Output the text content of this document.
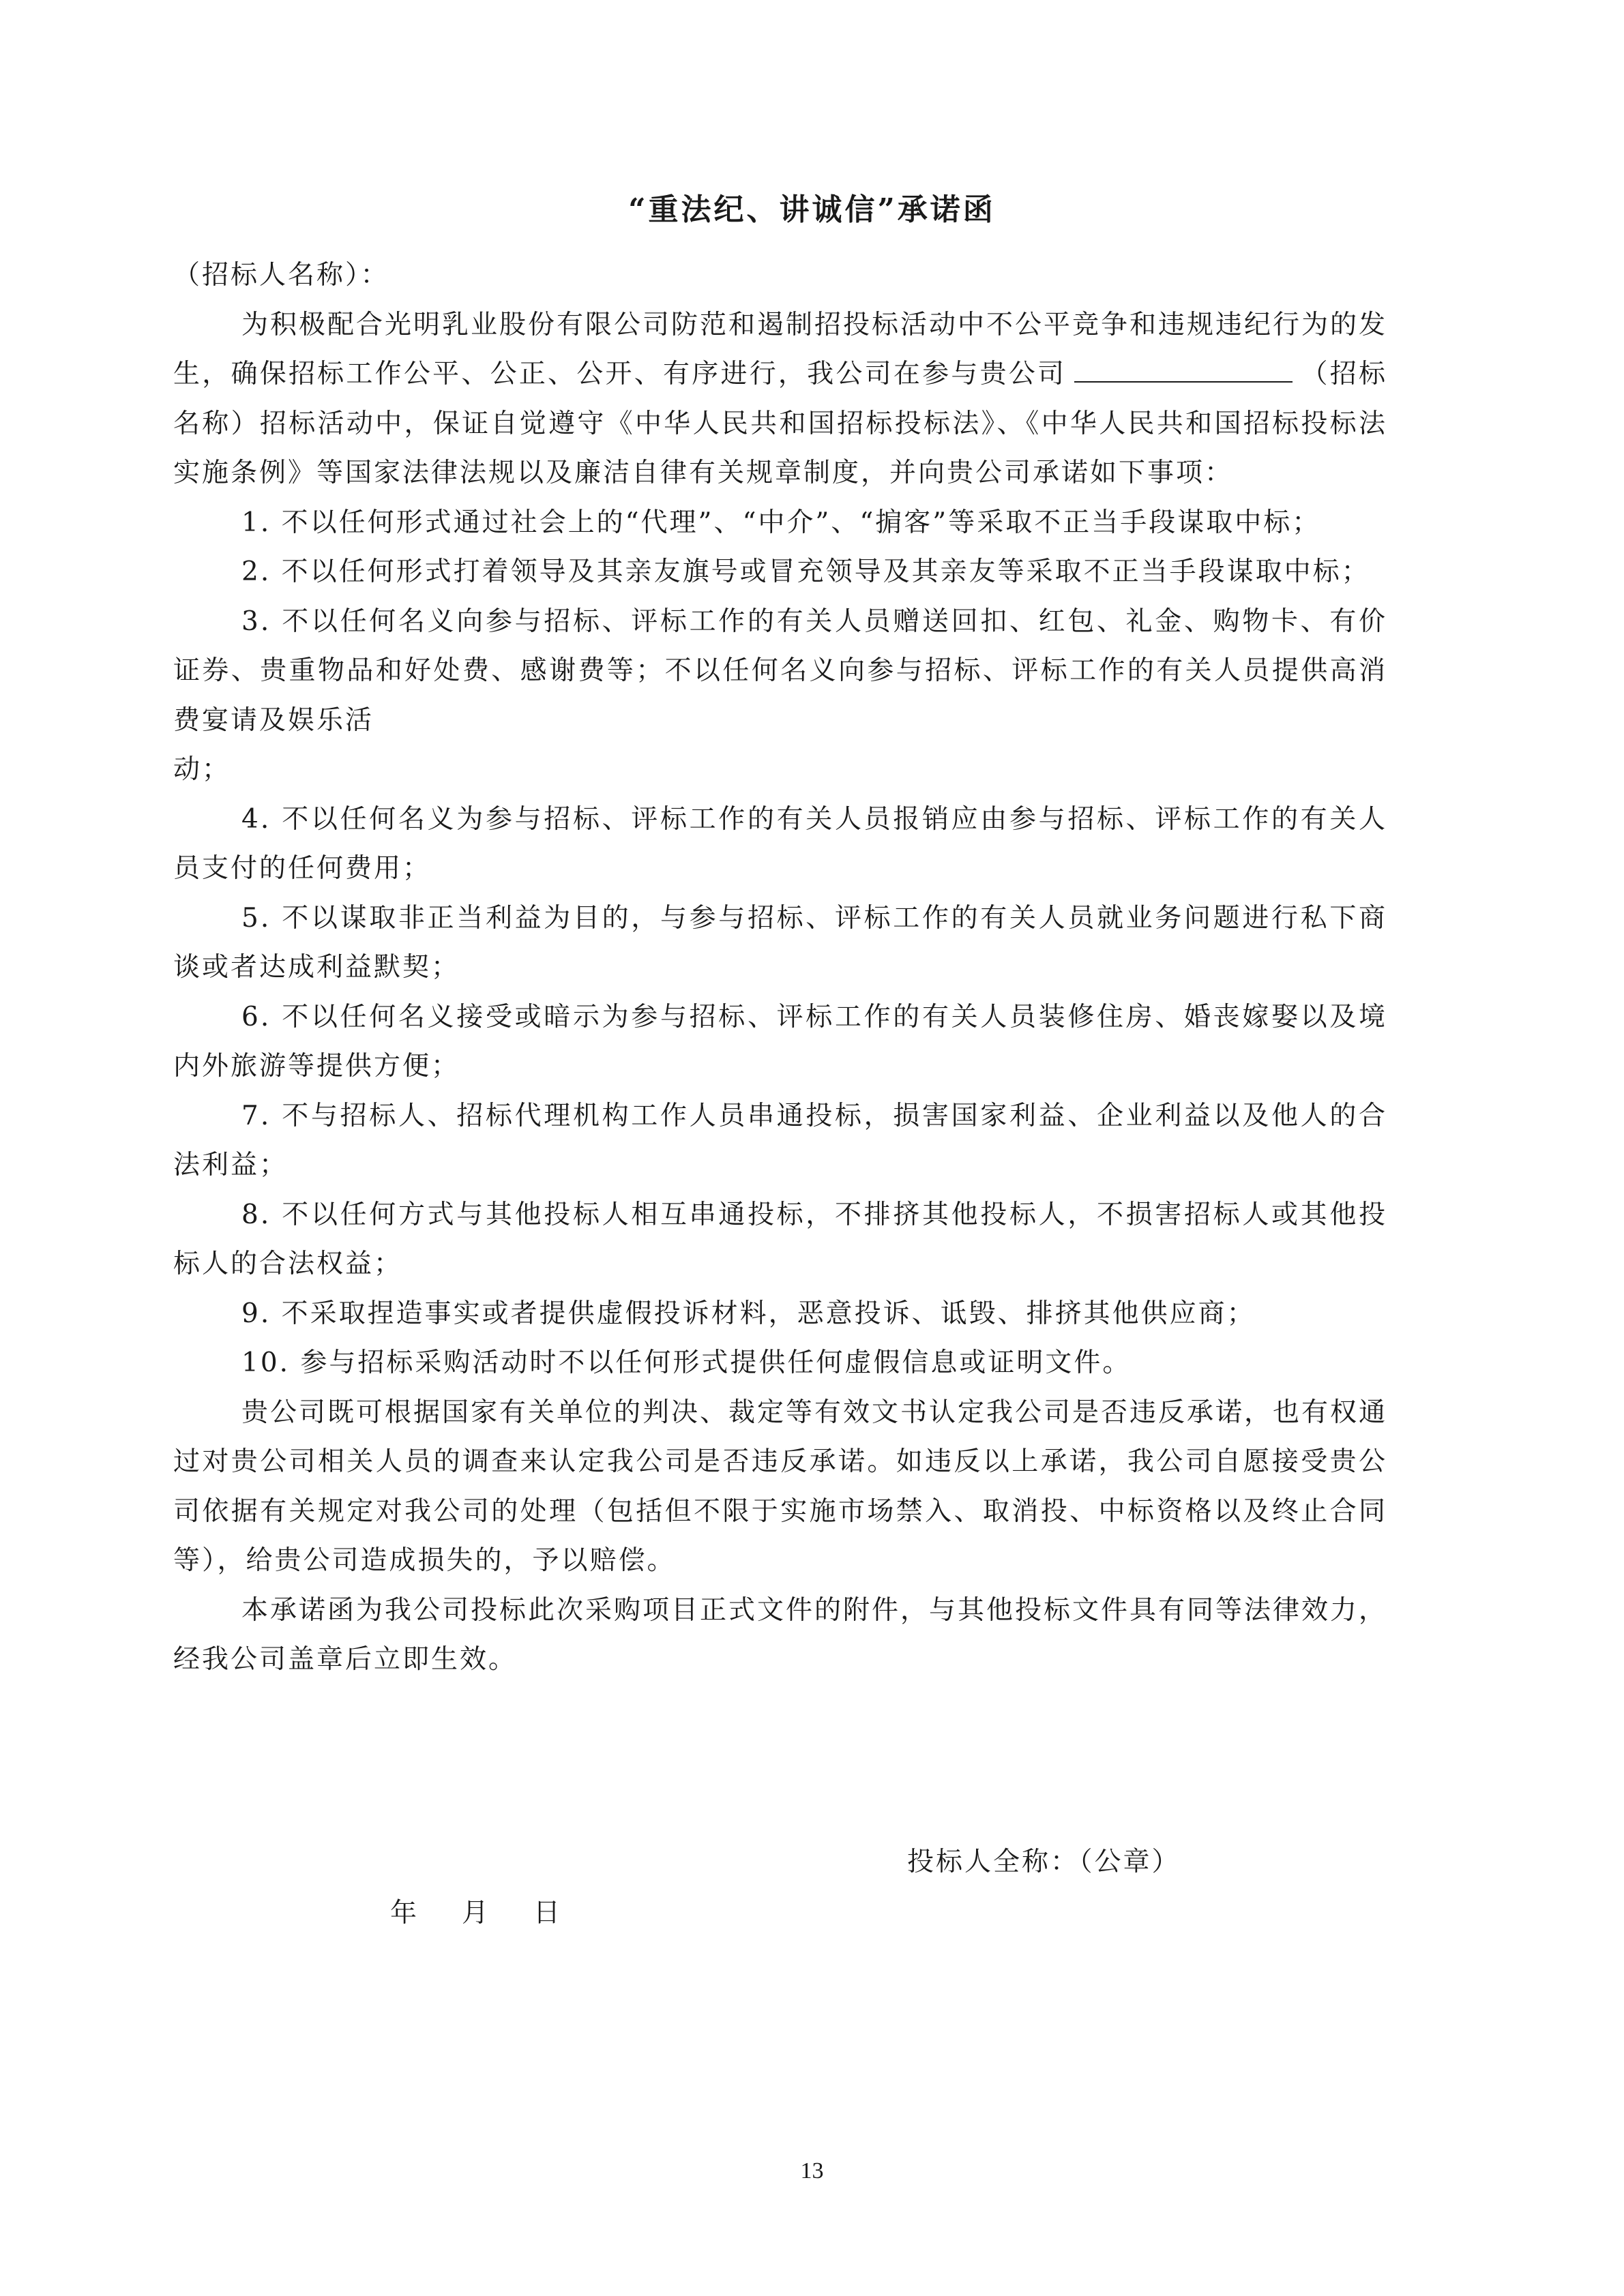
“重法纪、讲诚信”承诺函

（招标人名称）：

为积极配合光明乳业股份有限公司防范和遏制招投标活动中不公平竞争和违规违纪行为的发生，确保招标工作公平、公正、公开、有序进行，我公司在参与贵公司	（招标名称）招标活动中，保证自觉遵守《中华人民共和国招标投标法》、《中华人民共和国招标投标法实施条例》等国家法律法规以及廉洁自律有关规章制度，并向贵公司承诺如下事项：

1. 不以任何形式通过社会上的“代理”、“中介”、“掮客”等采取不正当手段谋取中标；

2. 不以任何形式打着领导及其亲友旗号或冒充领导及其亲友等采取不正当手段谋取中标；

3. 不以任何名义向参与招标、评标工作的有关人员赠送回扣、红包、礼金、购物卡、有价证券、贵重物品和好处费、感谢费等；不以任何名义向参与招标、评标工作的有关人员提供高消费宴请及娱乐活

动；

4. 不以任何名义为参与招标、评标工作的有关人员报销应由参与招标、评标工作的有关人员支付的任何费用；

5. 不以谋取非正当利益为目的，与参与招标、评标工作的有关人员就业务问题进行私下商谈或者达成利益默契；

6. 不以任何名义接受或暗示为参与招标、评标工作的有关人员装修住房、婚丧嫁娶以及境内外旅游等提供方便；

7. 不与招标人、招标代理机构工作人员串通投标，损害国家利益、企业利益以及他人的合法利益；

8. 不以任何方式与其他投标人相互串通投标，不排挤其他投标人，不损害招标人或其他投标人的合法权益；

9. 不采取捏造事实或者提供虚假投诉材料，恶意投诉、诋毁、排挤其他供应商；

10. 参与招标采购活动时不以任何形式提供任何虚假信息或证明文件。

贵公司既可根据国家有关单位的判决、裁定等有效文书认定我公司是否违反承诺，也有权通过对贵公司相关人员的调查来认定我公司是否违反承诺。如违反以上承诺，我公司自愿接受贵公司依据有关规定对我公司的处理（包括但不限于实施市场禁入、取消投、中标资格以及终止合同等），给贵公司造成损失的，予以赔偿。

本承诺函为我公司投标此次采购项目正式文件的附件，与其他投标文件具有同等法律效力，经我公司盖章后立即生效。

投标人全称：（公章）
年 月 日
13
